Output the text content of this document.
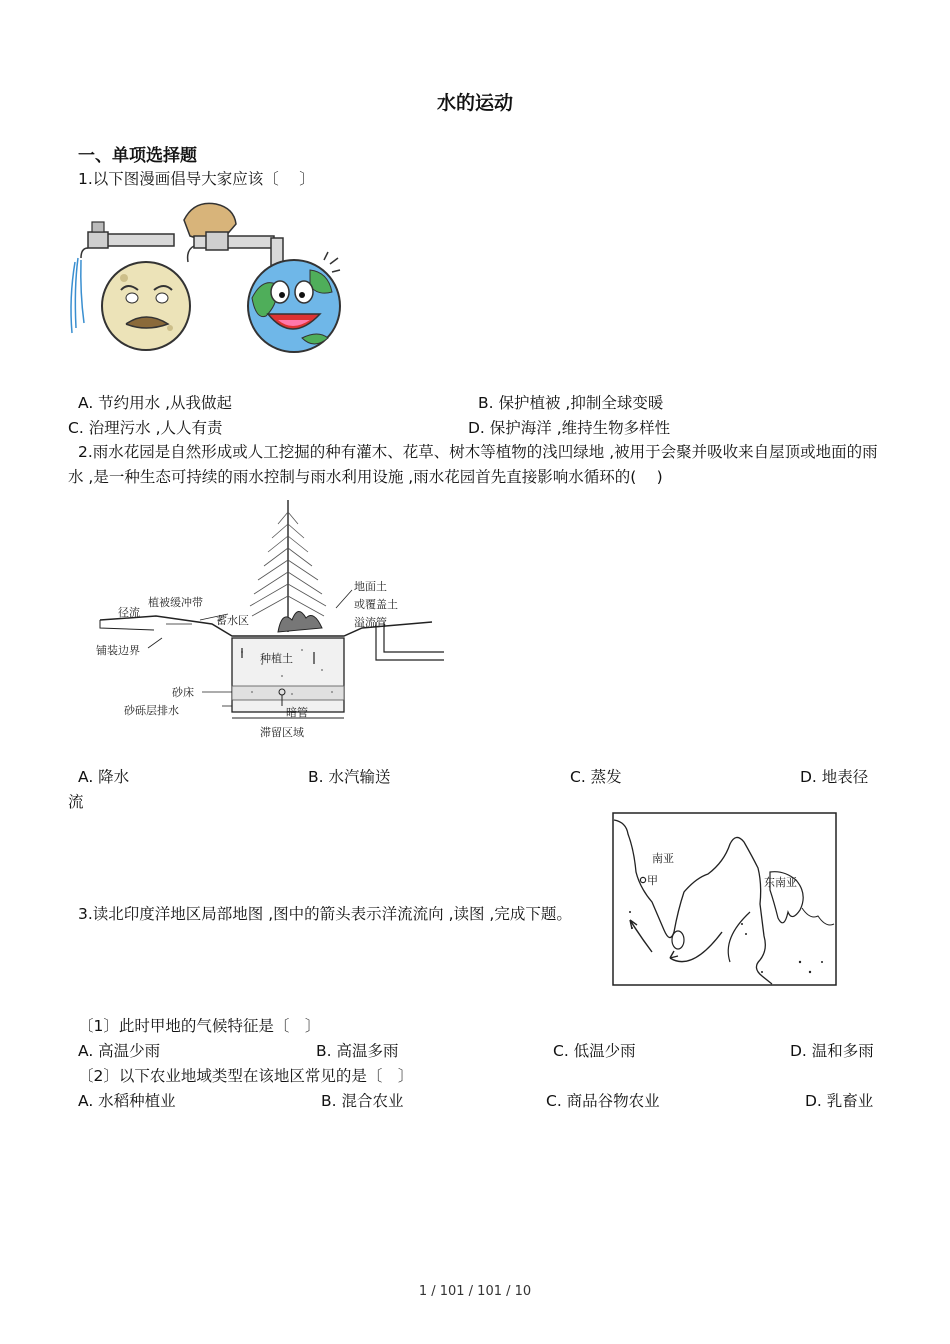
水的运动
一、单项选择题
1.以下图漫画倡导大家应该〔　 〕
A. 节约用水 ,从我做起	B. 保护植被 ,抑制全球变暖
C. 治理污水 ,人人有责	D. 保护海洋 ,维持生物多样性
2.雨水花园是自然形成或人工挖掘的种有灌木、花草、树木等植物的浅凹绿地 ,被用于会聚并吸收来自屋顶或地面的雨水 ,是一种生态可持续的雨水控制与雨水利用设施 ,雨水花园首先直接影响水循环的(　 )
径流
植被缓冲带
蓄水区
铺装边界
地面土
或覆盖土
溢流管
种植土
砂床
砂砾层排水	暗管
滞留区域
A. 降水	B. 水汽输送	C. 蒸发	D. 地表径
流
3.读北印度洋地区局部地图 ,图中的箭头表示洋流流向 ,读图 ,完成下题。
南亚
甲	东南亚
〔1〕此时甲地的气候特征是〔　〕
A. 高温少雨	B. 高温多雨	C. 低温少雨	D. 温和多雨
〔2〕以下农业地域类型在该地区常见的是〔　〕
A. 水稻种植业	B. 混合农业	C. 商品谷物农业	D. 乳畜业
1 / 101 / 101 / 10
